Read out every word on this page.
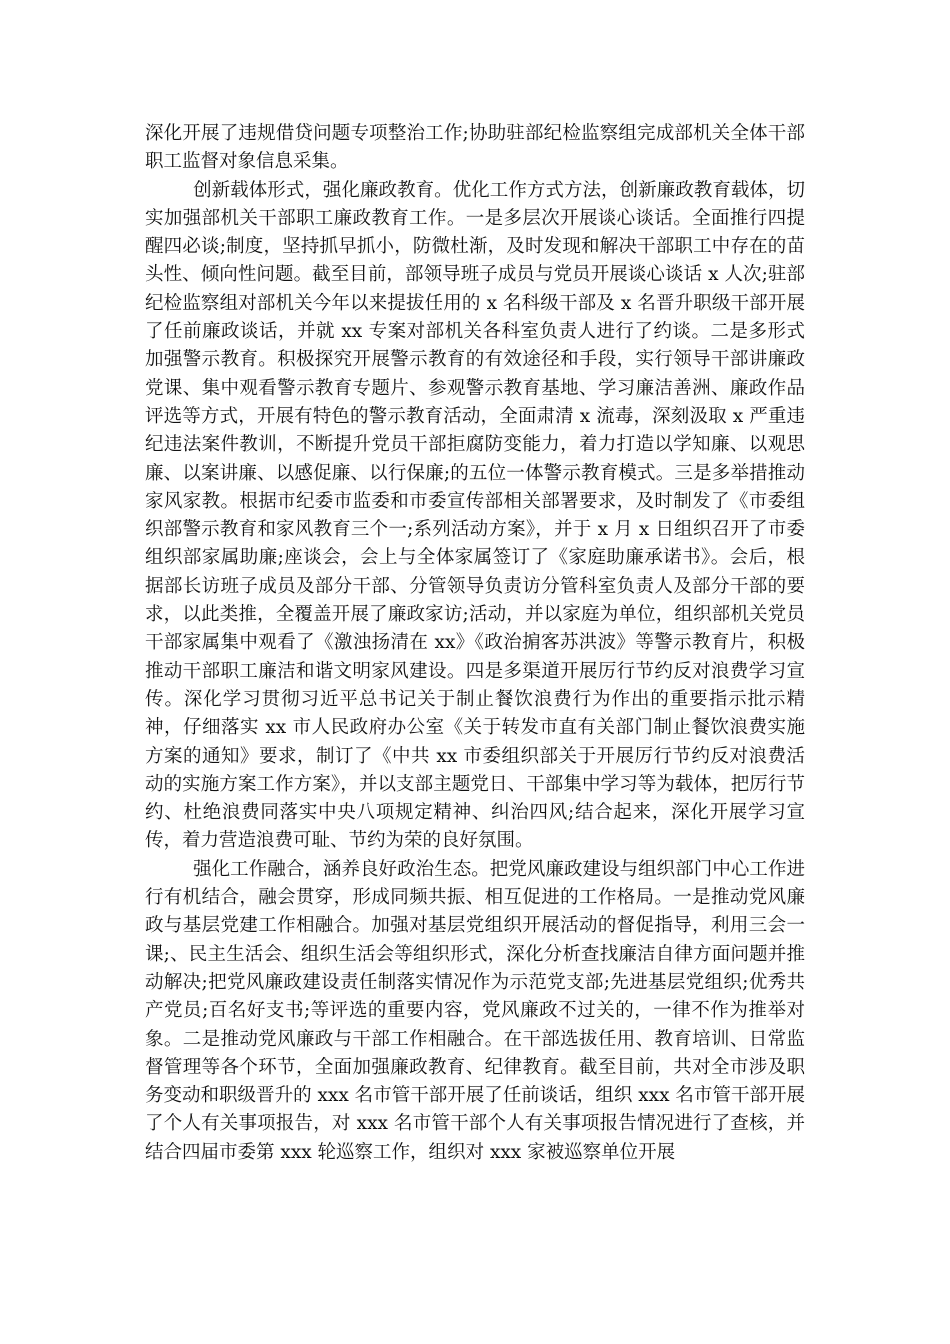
深化开展了违规借贷问题专项整治工作;协助驻部纪检监察组完成部机关全体干部职工监督对象信息采集。

创新载体形式，强化廉政教育。优化工作方式方法，创新廉政教育载体，切实加强部机关干部职工廉政教育工作。一是多层次开展谈心谈话。全面推行四提醒四必谈;制度，坚持抓早抓小，防微杜渐，及时发现和解决干部职工中存在的苗头性、倾向性问题。截至目前，部领导班子成员与党员开展谈心谈话 x 人次;驻部纪检监察组对部机关今年以来提拔任用的 x 名科级干部及 x 名晋升职级干部开展了任前廉政谈话，并就 xx 专案对部机关各科室负责人进行了约谈。二是多形式加强警示教育。积极探究开展警示教育的有效途径和手段，实行领导干部讲廉政党课、集中观看警示教育专题片、参观警示教育基地、学习廉洁善洲、廉政作品评选等方式，开展有特色的警示教育活动，全面肃清 x 流毒，深刻汲取 x 严重违纪违法案件教训，不断提升党员干部拒腐防变能力，着力打造以学知廉、以观思廉、以案讲廉、以感促廉、以行保廉;的五位一体警示教育模式。三是多举措推动家风家教。根据市纪委市监委和市委宣传部相关部署要求，及时制发了《市委组织部警示教育和家风教育三个一;系列活动方案》，并于 x 月 x 日组织召开了市委组织部家属助廉;座谈会，会上与全体家属签订了《家庭助廉承诺书》。会后，根据部长访班子成员及部分干部、分管领导负责访分管科室负责人及部分干部的要求，以此类推，全覆盖开展了廉政家访;活动，并以家庭为单位，组织部机关党员干部家属集中观看了《激浊扬清在 xx》《政治掮客苏洪波》等警示教育片，积极推动干部职工廉洁和谐文明家风建设。四是多渠道开展厉行节约反对浪费学习宣传。深化学习贯彻习近平总书记关于制止餐饮浪费行为作出的重要指示批示精神，仔细落实 xx 市人民政府办公室《关于转发市直有关部门制止餐饮浪费实施方案的通知》要求，制订了《中共 xx 市委组织部关于开展厉行节约反对浪费活动的实施方案工作方案》，并以支部主题党日、干部集中学习等为载体，把厉行节约、杜绝浪费同落实中央八项规定精神、纠治四风;结合起来，深化开展学习宣传，着力营造浪费可耻、节约为荣的良好氛围。

强化工作融合，涵养良好政治生态。把党风廉政建设与组织部门中心工作进行有机结合，融会贯穿，形成同频共振、相互促进的工作格局。一是推动党风廉政与基层党建工作相融合。加强对基层党组织开展活动的督促指导，利用三会一课;、民主生活会、组织生活会等组织形式，深化分析查找廉洁自律方面问题并推动解决;把党风廉政建设责任制落实情况作为示范党支部;先进基层党组织;优秀共产党员;百名好支书;等评选的重要内容，党风廉政不过关的，一律不作为推举对象。二是推动党风廉政与干部工作相融合。在干部选拔任用、教育培训、日常监督管理等各个环节，全面加强廉政教育、纪律教育。截至目前，共对全市涉及职务变动和职级晋升的 xxx 名市管干部开展了任前谈话，组织 xxx 名市管干部开展了个人有关事项报告，对 xxx 名市管干部个人有关事项报告情况进行了查核，并结合四届市委第 xxx 轮巡察工作，组织对 xxx 家被巡察单位开展
